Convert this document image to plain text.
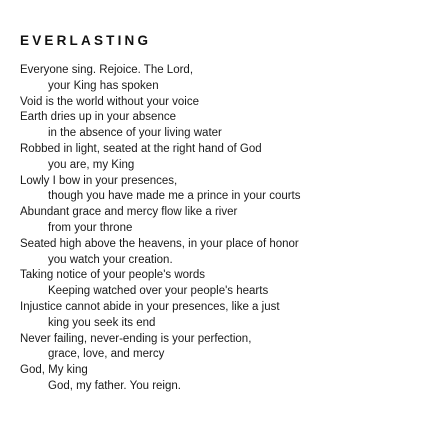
EVERLASTING
Everyone sing. Rejoice. The Lord,
your King has spoken
Void is the world without your voice
Earth dries up in your absence
in the absence of your living water
Robbed in light, seated at the right hand of God
you are, my King
Lowly I bow in your presences,
though you have made me a prince in your courts
Abundant grace and mercy flow like a river
from your throne
Seated high above the heavens, in your place of honor
you watch your creation.
Taking notice of your people's words
Keeping watched over your people's hearts
Injustice cannot abide in your presences, like a just
king you seek its end
Never failing, never-ending is your perfection,
grace, love, and mercy
God, My king
God, my father. You reign.
